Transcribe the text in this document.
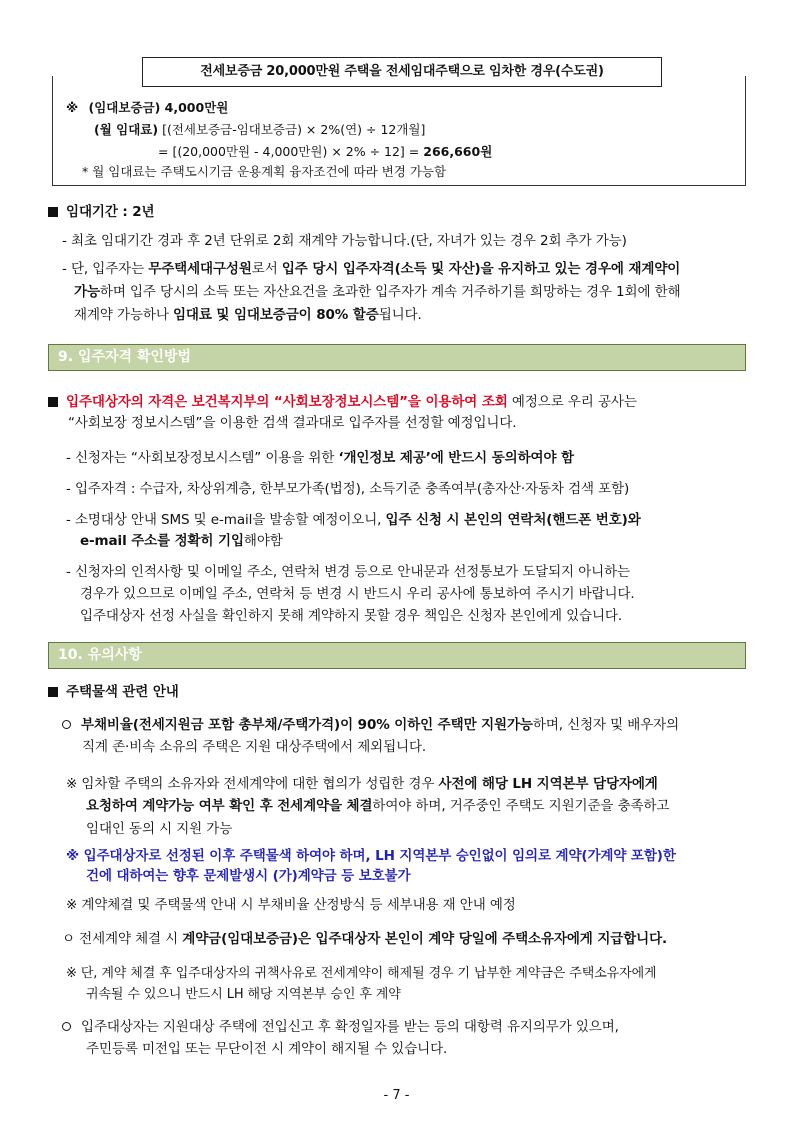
전세보증금 20,000만원 주택을 전세임대주택으로 임차한 경우(수도권)
※ (임대보증금) 4,000만원
(월 임대료) [(전세보증금-임대보증금) × 2%(연) ÷ 12개월]
= [(20,000만원 - 4,000만원) × 2% ÷ 12] = 266,660원
* 월 임대료는 주택도시기금 운용계획 융자조건에 따라 변경 가능함
임대기간 : 2년
- 최초 임대기간 경과 후 2년 단위로 2회 재계약 가능합니다.(단, 자녀가 있는 경우 2회 추가 가능)
- 단, 입주자는 무주택세대구성원로서 입주 당시 입주자격(소득 및 자산)을 유지하고 있는 경우에 재계약이
가능하며 입주 당시의 소득 또는 자산요건을 초과한 입주자가 계속 거주하기를 희망하는 경우 1회에 한해
재계약 가능하나 임대료 및 임대보증금이 80% 할증됩니다.
9. 입주자격 확인방법
입주대상자의 자격은 보건복지부의 “사회보장정보시스템”을 이용하여 조회 예정으로 우리 공사는
“사회보장 정보시스템”을 이용한 검색 결과대로 입주자를 선정할 예정입니다.
- 신청자는 “사회보장정보시스템” 이용을 위한 ‘개인정보 제공’에 반드시 동의하여야 함
- 입주자격 : 수급자, 차상위계층, 한부모가족(법정), 소득기준 충족여부(총자산·자동차 검색 포함)
- 소명대상 안내 SMS 및 e-mail을 발송할 예정이오니, 입주 신청 시 본인의 연락처(핸드폰 번호)와
e-mail 주소를 정확히 기입해야함
- 신청자의 인적사항 및 이메일 주소, 연락처 변경 등으로 안내문과 선정통보가 도달되지 아니하는
경우가 있으므로 이메일 주소, 연락처 등 변경 시 반드시 우리 공사에 통보하여 주시기 바랍니다.
입주대상자 선정 사실을 확인하지 못해 계약하지 못할 경우 책임은 신청자 본인에게 있습니다.
10. 유의사항
주택물색 관련 안내
부채비율(전세지원금 포함 총부채/주택가격)이 90% 이하인 주택만 지원가능하며, 신청자 및 배우자의
직계 존·비속 소유의 주택은 지원 대상주택에서 제외됩니다.
※ 임차할 주택의 소유자와 전세계약에 대한 협의가 성립한 경우 사전에 해당 LH 지역본부 담당자에게
요청하여 계약가능 여부 확인 후 전세계약을 체결하여야 하며, 거주중인 주택도 지원기준을 충족하고
임대인 동의 시 지원 가능
※ 입주대상자로 선정된 이후 주택물색 하여야 하며, LH 지역본부 승인없이 임의로 계약(가계약 포함)한
건에 대하여는 향후 문제발생시 (가)계약금 등 보호불가
※ 계약체결 및 주택물색 안내 시 부채비율 산정방식 등 세부내용 재 안내 예정
ㅇ 전세계약 체결 시 계약금(임대보증금)은 입주대상자 본인이 계약 당일에 주택소유자에게 지급합니다.
※ 단, 계약 체결 후 입주대상자의 귀책사유로 전세계약이 해제될 경우 기 납부한 계약금은 주택소유자에게
귀속될 수 있으니 반드시 LH 해당 지역본부 승인 후 계약
입주대상자는 지원대상 주택에 전입신고 후 확정일자를 받는 등의 대항력 유지의무가 있으며,
주민등록 미전입 또는 무단이전 시 계약이 해지될 수 있습니다.
- 7 -
